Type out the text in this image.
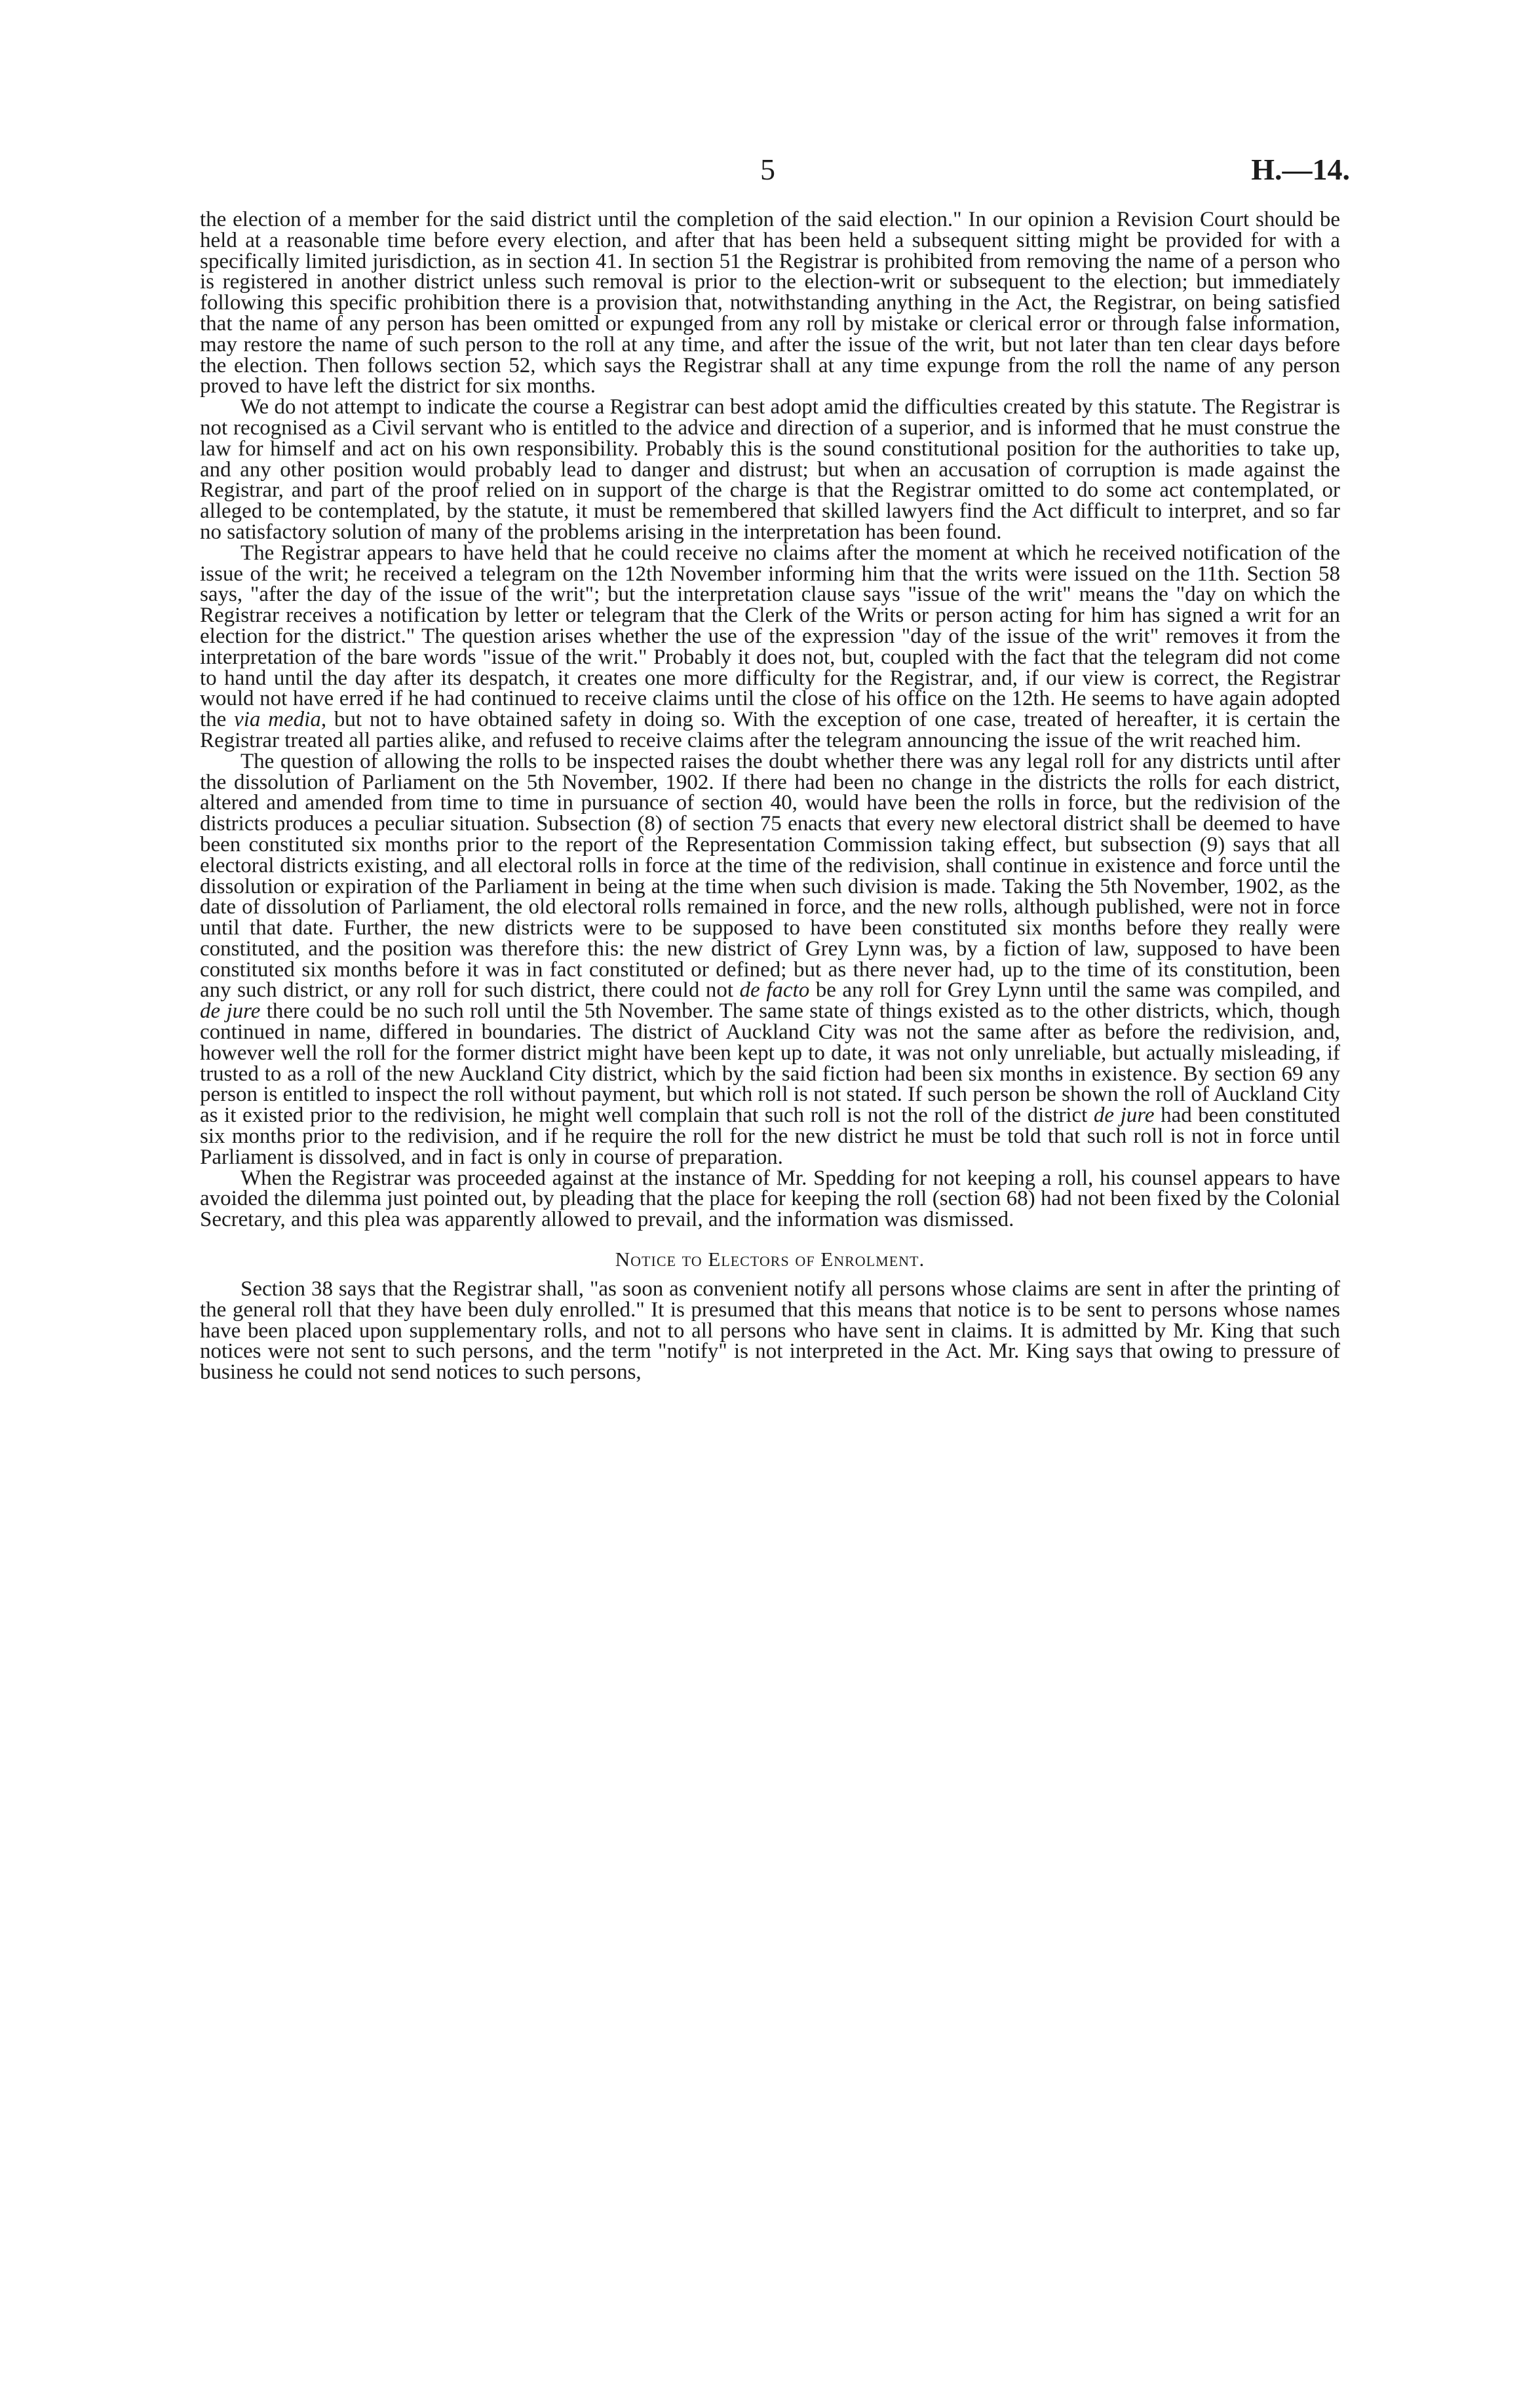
5	H.—14.

the election of a member for the said district until the completion of the said election." In our opinion a Revision Court should be held at a reasonable time before every election, and after that has been held a subsequent sitting might be provided for with a specifically limited jurisdiction, as in section 41. In section 51 the Registrar is prohibited from removing the name of a person who is registered in another district unless such removal is prior to the election-writ or subsequent to the election; but immediately following this specific prohibition there is a provision that, notwithstanding anything in the Act, the Registrar, on being satisfied that the name of any person has been omitted or expunged from any roll by mistake or clerical error or through false information, may restore the name of such person to the roll at any time, and after the issue of the writ, but not later than ten clear days before the election. Then follows section 52, which says the Registrar shall at any time expunge from the roll the name of any person proved to have left the district for six months.

We do not attempt to indicate the course a Registrar can best adopt amid the difficulties created by this statute. The Registrar is not recognised as a Civil servant who is entitled to the advice and direction of a superior, and is informed that he must construe the law for himself and act on his own responsibility. Probably this is the sound constitutional position for the authorities to take up, and any other position would probably lead to danger and distrust; but when an accusation of corruption is made against the Registrar, and part of the proof relied on in support of the charge is that the Registrar omitted to do some act contemplated, or alleged to be contemplated, by the statute, it must be remembered that skilled lawyers find the Act difficult to interpret, and so far no satisfactory solution of many of the problems arising in the interpretation has been found.

The Registrar appears to have held that he could receive no claims after the moment at which he received notification of the issue of the writ; he received a telegram on the 12th November informing him that the writs were issued on the 11th. Section 58 says, "after the day of the issue of the writ"; but the interpretation clause says "issue of the writ" means the "day on which the Registrar receives a notification by letter or telegram that the Clerk of the Writs or person acting for him has signed a writ for an election for the district." The question arises whether the use of the expression "day of the issue of the writ" removes it from the interpretation of the bare words "issue of the writ." Probably it does not, but, coupled with the fact that the telegram did not come to hand until the day after its despatch, it creates one more difficulty for the Registrar, and, if our view is correct, the Registrar would not have erred if he had continued to receive claims until the close of his office on the 12th. He seems to have again adopted the via media, but not to have obtained safety in doing so. With the exception of one case, treated of hereafter, it is certain the Registrar treated all parties alike, and refused to receive claims after the telegram announcing the issue of the writ reached him.

The question of allowing the rolls to be inspected raises the doubt whether there was any legal roll for any districts until after the dissolution of Parliament on the 5th November, 1902. If there had been no change in the districts the rolls for each district, altered and amended from time to time in pursuance of section 40, would have been the rolls in force, but the redivision of the districts produces a peculiar situation. Subsection (8) of section 75 enacts that every new electoral district shall be deemed to have been constituted six months prior to the report of the Representation Commission taking effect, but subsection (9) says that all electoral districts existing, and all electoral rolls in force at the time of the redivision, shall continue in existence and force until the dissolution or expiration of the Parliament in being at the time when such division is made. Taking the 5th November, 1902, as the date of dissolution of Parliament, the old electoral rolls remained in force, and the new rolls, although published, were not in force until that date. Further, the new districts were to be supposed to have been constituted six months before they really were constituted, and the position was therefore this: the new district of Grey Lynn was, by a fiction of law, supposed to have been constituted six months before it was in fact constituted or defined; but as there never had, up to the time of its constitution, been any such district, or any roll for such district, there could not de facto be any roll for Grey Lynn until the same was compiled, and de jure there could be no such roll until the 5th November. The same state of things existed as to the other districts, which, though continued in name, differed in boundaries. The district of Auckland City was not the same after as before the redivision, and, however well the roll for the former district might have been kept up to date, it was not only unreliable, but actually misleading, if trusted to as a roll of the new Auckland City district, which by the said fiction had been six months in existence. By section 69 any person is entitled to inspect the roll without payment, but which roll is not stated. If such person be shown the roll of Auckland City as it existed prior to the redivision, he might well complain that such roll is not the roll of the district de jure had been constituted six months prior to the redivision, and if he require the roll for the new district he must be told that such roll is not in force until Parliament is dissolved, and in fact is only in course of preparation.

When the Registrar was proceeded against at the instance of Mr. Spedding for not keeping a roll, his counsel appears to have avoided the dilemma just pointed out, by pleading that the place for keeping the roll (section 68) had not been fixed by the Colonial Secretary, and this plea was apparently allowed to prevail, and the information was dismissed.

Notice to Electors of Enrolment.

Section 38 says that the Registrar shall, "as soon as convenient notify all persons whose claims are sent in after the printing of the general roll that they have been duly enrolled." It is presumed that this means that notice is to be sent to persons whose names have been placed upon supplementary rolls, and not to all persons who have sent in claims. It is admitted by Mr. King that such notices were not sent to such persons, and the term "notify" is not interpreted in the Act. Mr. King says that owing to pressure of business he could not send notices to such persons,
